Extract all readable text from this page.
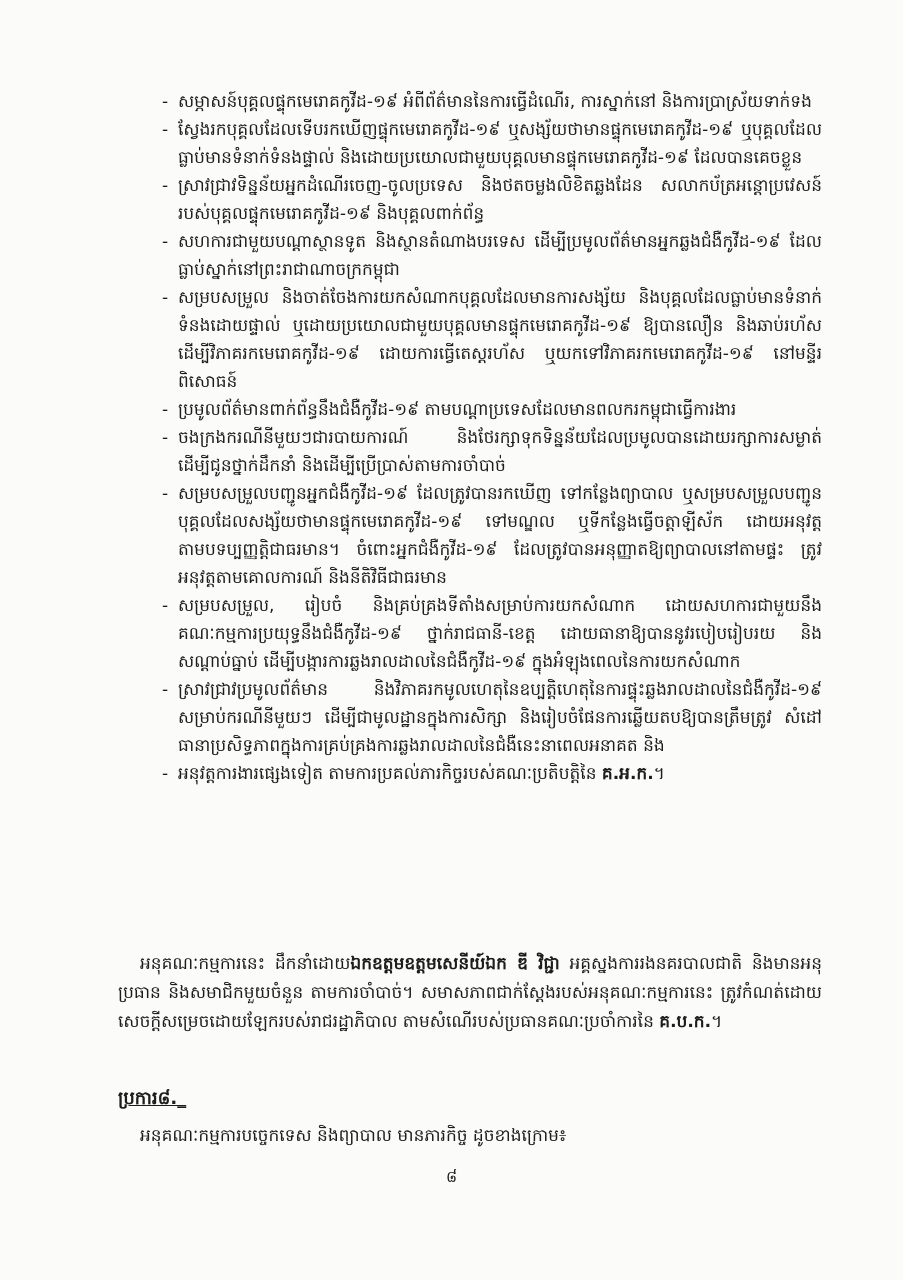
- សម្ភាសន៍បុគ្គលផ្ទុកមេរោគកូវីដ-១៩ អំពីព័ត៌មាននៃការធ្វើដំណើរ, ការស្នាក់នៅ និងការប្រាស្រ័យទាក់ទង
- ស្វែងរកបុគ្គលដែលទើបរកឃើញផ្ទុកមេរោគកូវីដ-១៩ ឬសង្ស័យថាមានផ្ទុកមេរោគកូវីដ-១៩ ឬបុគ្គលដែលធ្លាប់មានទំនាក់ទំនងផ្ទាល់ និងដោយប្រយោលជាមួយបុគ្គលមានផ្ទុកមេរោគកូវីដ-១៩ ដែលបានគេចខ្លួន
- ស្រាវជ្រាវទិន្នន័យអ្នកដំណើរចេញ-ចូលប្រទេស និងថតចម្លងលិខិតឆ្លងដែន សលាកប័ត្រអន្តោប្រវេសន៍របស់បុគ្គលផ្ទុកមេរោគកូវីដ-១៩ និងបុគ្គលពាក់ព័ន្ធ
- សហការជាមួយបណ្ដាស្ថានទូត និងស្ថានតំណាងបរទេស ដើម្បីប្រមូលព័ត៌មានអ្នកឆ្លងជំងឺកូវីដ-១៩ ដែលធ្លាប់ស្នាក់នៅព្រះរាជាណាចក្រកម្ពុជា
- សម្របសម្រួល និងចាត់ចែងការយកសំណាកបុគ្គលដែលមានការសង្ស័យ និងបុគ្គលដែលធ្លាប់មានទំនាក់ទំនងដោយផ្ទាល់ ឬដោយប្រយោលជាមួយបុគ្គលមានផ្ទុកមេរោគកូវីដ-១៩ ឱ្យបានលឿន និងឆាប់រហ័ស ដើម្បីវិភាគរកមេរោគកូវីដ-១៩ ដោយការធ្វើតេស្តរហ័ស ឬយកទៅវិភាគរកមេរោគកូវីដ-១៩ នៅមន្ទីរពិសោធន៍
- ប្រមូលព័ត៌មានពាក់ព័ន្ធនឹងជំងឺកូវីដ-១៩ តាមបណ្តាប្រទេសដែលមានពលករកម្ពុជាធ្វើការងារ
- ចងក្រងករណីនីមួយៗជារបាយការណ៍ និងថែរក្សាទុកទិន្នន័យដែលប្រមូលបានដោយរក្សាការសម្ងាត់ ដើម្បីជូនថ្នាក់ដឹកនាំ និងដើម្បីប្រើប្រាស់តាមការចាំបាច់
- សម្របសម្រួលបញ្ជូនអ្នកជំងឺកូវីដ-១៩ ដែលត្រូវបានរកឃើញ ទៅកន្លែងព្យាបាល ឬសម្របសម្រួលបញ្ជូនបុគ្គលដែលសង្ស័យថាមានផ្ទុកមេរោគកូវីដ-១៩ ទៅមណ្ឌល ឬទីកន្លែងធ្វើចត្តាឡីស័ក ដោយអនុវត្តតាមបទប្បញ្ញត្តិជាធរមាន។ ចំពោះអ្នកជំងឺកូវីដ-១៩ ដែលត្រូវបានអនុញ្ញាតឱ្យព្យាបាលនៅតាមផ្ទះ ត្រូវអនុវត្តតាមគោលការណ៍ និងនីតិវិធីជាធរមាន
- សម្របសម្រួល, រៀបចំ និងគ្រប់គ្រងទីតាំងសម្រាប់ការយកសំណាក ដោយសហការជាមួយនឹងគណៈកម្មការប្រយុទ្ធនឹងជំងឺកូវីដ-១៩ ថ្នាក់រាជធានី-ខេត្ត ដោយធានាឱ្យបាននូវរបៀបរៀបរយ និងសណ្ដាប់ធ្នាប់ ដើម្បីបង្ការការឆ្លងរាលដាលនៃជំងឺកូវីដ-១៩ ក្នុងអំឡុងពេលនៃការយកសំណាក
- ស្រាវជ្រាវប្រមូលព័ត៌មាន និងវិភាគរកមូលហេតុនៃឧប្បត្តិហេតុនៃការផ្ទុះឆ្លងរាលដាលនៃជំងឺកូវីដ-១៩ សម្រាប់ករណីនីមួយៗ ដើម្បីជាមូលដ្ឋានក្នុងការសិក្សា និងរៀបចំផែនការឆ្លើយតបឱ្យបានត្រឹមត្រូវ សំដៅធានាប្រសិទ្ធភាពក្នុងការគ្រប់គ្រងការឆ្លងរាលដាលនៃជំងឺនេះនាពេលអនាគត និង
- អនុវត្តការងារផ្សេងទៀត តាមការប្រគល់ភារកិច្ចរបស់គណៈប្រតិបត្តិនៃ គ.អ.ក.។

អនុគណៈកម្មការនេះ ដឹកនាំដោយឯកឧត្តមឧត្តមសេនីយ៍ឯក ឌី វិជ្ជា អគ្គស្នងការរងនគរបាលជាតិ និងមានអនុប្រធាន និងសមាជិកមួយចំនួន តាមការចាំបាច់។ សមាសភាពជាក់ស្តែងរបស់អនុគណៈកម្មការនេះ ត្រូវកំណត់ដោយសេចក្តីសម្រេចដោយឡែករបស់រាជរដ្ឋាភិបាល តាមសំណើរបស់ប្រធានគណៈប្រចាំការនៃ គ.ប.ក.។

ប្រការ៨._

អនុគណៈកម្មការបច្ចេកទេស និងព្យាបាល មានភារកិច្ច ដូចខាងក្រោម៖

៨
